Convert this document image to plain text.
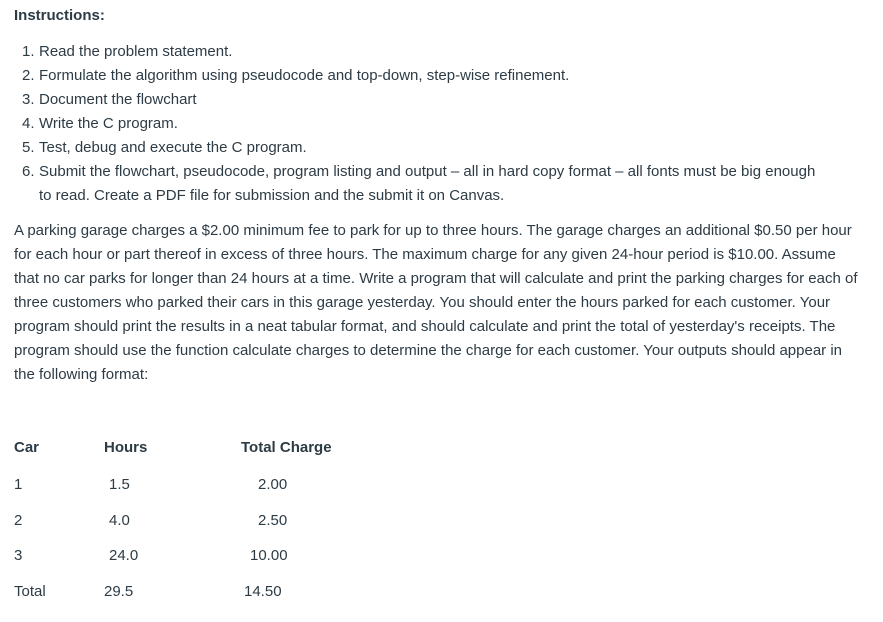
Instructions:
1. Read the problem statement.
2. Formulate the algorithm using pseudocode and top-down, step-wise refinement.
3. Document the flowchart
4. Write the C program.
5. Test, debug and execute the C program.
6. Submit the flowchart, pseudocode, program listing and output – all in hard copy format – all fonts must be big enough to read. Create a PDF file for submission and the submit it on Canvas.

A parking garage charges a $2.00 minimum fee to park for up to three hours. The garage charges an additional $0.50 per hour for each hour or part thereof in excess of three hours. The maximum charge for any given 24-hour period is $10.00. Assume that no car parks for longer than 24 hours at a time. Write a program that will calculate and print the parking charges for each of three customers who parked their cars in this garage yesterday. You should enter the hours parked for each customer. Your program should print the results in a neat tabular format, and should calculate and print the total of yesterday's receipts. The program should use the function calculate charges to determine the charge for each customer. Your outputs should appear in the following format:

Car	Hours	Total Charge
1	1.5	2.00
2	4.0	2.50
3	24.0	10.00
Total	29.5	14.50
